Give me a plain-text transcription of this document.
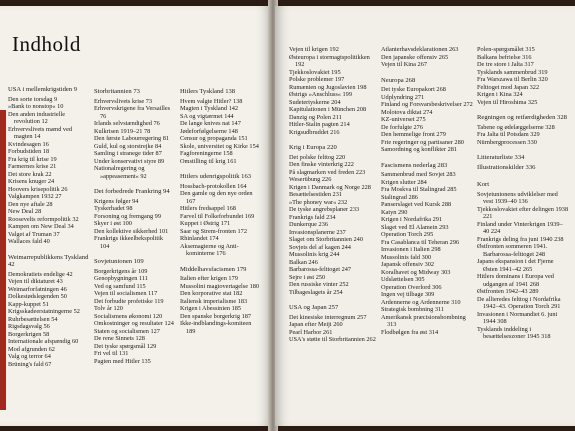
Indhold
USA i mellemkrigstiden 9
Den sorte torsdag 9
»Bank to nonstop« 10
Den anden industrielle revolution 12
Erhvervslivets mænd ved magten 14
Kvindesagen 16
Forbudstiden 18
Fra krig til krise 19
Farmernes krise 21
Det store krak 22
Krisens knuger 24
Hoovers krisepolitik 26
Valgkampen 1932 27
Den nye aftale 28
New Deal 28
Roosevelts reformpolitik 32
Kampen om New Deal 34
Valget af Truman 37
Wallaces fald 40
Weimarrepublikkens Tyskland 42
Demokratiets endelige 42
Vejen til diktaturet 43
Weimarforfatningen 46
Dolkestødslegenden 50
Kapp-kuppet 51
Krigsskadeerstatningerne 52
Ruhrbesættelsen 54
Rigsdagsvalg 56
Borgerkrigen 58
Internationale afspændig 60
Mod afgrunden 62
Valg og terror 64
Brüning's fald 67
Storbritannien 73
Erhvervslivets krise 73
Erhvervskrigene fra Versailles 76
Irlands selvstændighed 76
Kulkrisen 1919–21 78
Den første Labourregering 81
Guld, kul og storstrejke 84
Samling i stranege tider 87
Under konservativt styre 89
Nationalregering og »appeasement« 92
Det forbedrede Frankring 94
Krigens følger 94
Tyskerhadet 98
Forsoning og fremgang 99
Skyer i øst 100
Den kollektive sikkerhed 101
Frankrigs ikkeelbekspolitik 104
Sovjetunionen 109
Borgerkrigens år 109
Genopbygningen 111
Ved og samfund 115
Vejen til socialismen 117
Det forbudte profetiske 119
Tolv år 120
Socialismens økonomi 120
Omkostninger og resultater 124
Staten og socialismen 127
De rene Sinnets 128
Det tyske spørgsmål 129
Fri vel til 131
Pagten med Hitler 135
Hitlers Tyskland 138
Hvem valgte Hitler? 138
Magten i Tyskland 142
SA og vigtærmet 144
De lange knives nat 147
Jødeforfølgelserne 148
Censur og propaganda 151
Skole, universitet og Kirke 154
Fagforeningerne 158
Omstilling til krig 161
Hitlers udenrigspolitik 163
Hossbach-protokollen 164
Den gamle og den nye orden 167
Hitlers fredsappel 168
Farvel til Folkeforbundet 169
Kuppet i Østrig 171
Saar og Strem-fronten 172
Rhinlandet 174
Aksemagterne og Anti-kominterne 176
Middelhavsfacismen 179
Italien efter krigen 179
Mussolini magtovertagelse 180
Den korporative stat 182
Italiensk imperialisme 183
Krigen i Abessinien 185
Den spanske borgerkrig 187
Ikke-indblandings-komiteen 189
Vejen til krigen 192
Østeuropa i stormagtspolitikken 192
Tjekkoslovakiet 195
Polske problemer 197
Rumænien og Jugoslavien 198
Østrigs »Anschluss« 199
Sudetertyskerne 204
Kapitulationen i München 208
Danzig og Polen 211
Hitler-Stalin pagten 214
Krigsudbruddet 216
Krig i Europa 220
Det polske felttog 220
Den finske vinterkrig 222
På slagmarken ved freden 223
Weserübung 226
Krigen i Danmark og Norge 228
Besættelsestiden 231
»The phoney war« 232
De tyske angrebsplaner 233
Frankrigs fald 234
Dunkerque 236
Invasionsplanerne 237
Slaget om Storbritannien 240
Sovjets del af kagen 244
Mussolinis krig 244
Balkan 246
Barbarossa-felttoget 247
Sejre i øst 250
Den russiske vinter 252
Tilbageslagets år 254
USA og Japan 257
Det kinesiske interregnum 257
Japan efter Meiji 260
Pearl Harbor 261
USA's støtte til Storbritannien 262
Atlanterhavsdeklarationen 263
Den japanske offensiv 265
Vejen til Kina 267
Neuropa 268
Det tyske Europakort 268
Udplyndring 271
Finland og Forsvarsbeskrivelser 272
Molotova diktat 274
KZ-universet 275
De forfulgte 276
Den hemmelige front 279
Frie regeringer og partisaner 280
Samordning og konflikter 281
Fascismens nederlag 283
Sammenbrud med Sovjet 283
Krigen slutter 284
Fra Moskva til Stalingrad 285
Stalingrad 286
Panserslaget ved Kursk 288
Katyn 290
Krigen i Nordafrika 291
Slaget ved El Alamein 293
Operation Torch 295
Fra Casablanca til Teheran 296
Invasionen i Italien 298
Mussolinis fald 300
Japansk offensiv 302
Koralhavet og Midway 303
Udslættelsen 305
Operation Overlord 306
Ingen vej tilbage 309
Ardennerne og Ardennerne 310
Strategisk bombning 311
Amerikansk præcisionsbombning 313
Flodbølgen fra øst 314
Polen-spørgsmålet 315
Balkans befrielse 316
De tre store i Jalta 317
Tysklands sammenbrud 319
Fra Warszawa til Berlin 320
Felttoget mod Japan 322
Krigen i Kina 324
Vejen til Hiroshima 325
Regningen og retfærdigheden 328
Tabene og ødelæggelserne 328
Fra Jalta til Potsdam 329
Nürnbergprocessen 330
Litteraturliste 334
Illustrationskilder 336
Kort
Sovjetunionens udviklelser med vest 1939–40 136
Tjekkoslovakiet efter delingen 1938 221
Finland under Vinterkrigen 1939–40 224
Frankrigs deling fra juni 1940 238
Østfronten sommeren 1941. Barbarossa-felttoget 248
Japans ekspansion i det Fjerne Østen 1941–42 265
Hitlers dominans i Europa ved udgangen af 1941 268
Østfronten 1942–43 289
De allieredes felttog i Nordafrika 1942–43. Operation Torch 291
Invasionen i Normandiet 6. juni 1944 308
Tysklands inddeling i besættelseszoner 1945 318
